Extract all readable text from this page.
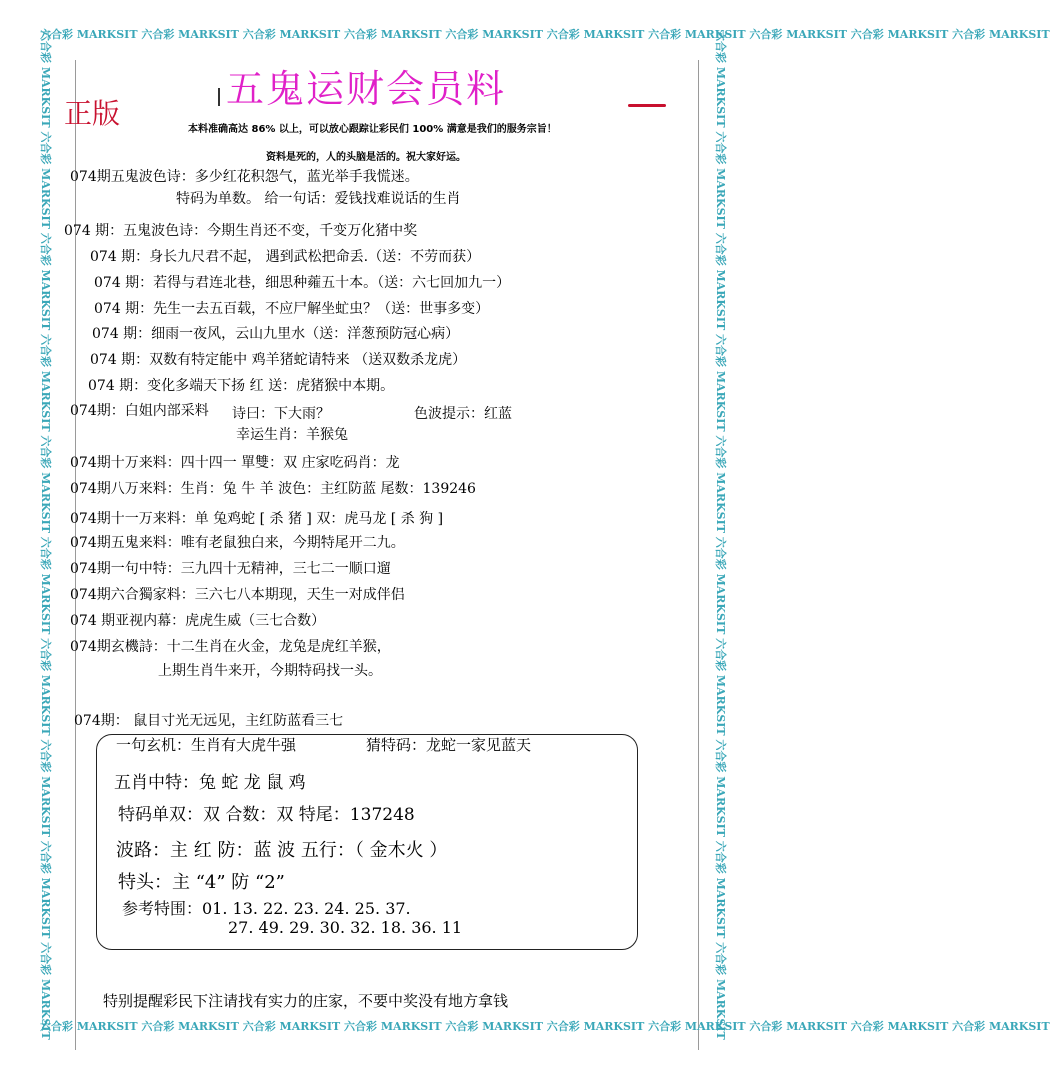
六合彩 MARKSIT 六合彩 MARKSIT 六合彩 MARKSIT 六合彩 MARKSIT 六合彩 MARKSIT 六合彩 MARKSIT 六合彩 MARKSIT 六合彩 MARKSIT 六合彩 MARKSIT 六合彩 MARKSIT
六合彩 MARKSIT 六合彩 MARKSIT 六合彩 MARKSIT 六合彩 MARKSIT 六合彩 MARKSIT 六合彩 MARKSIT 六合彩 MARKSIT 六合彩 MARKSIT 六合彩 MARKSIT 六合彩 MARKSIT
六合彩 MARKSIT 六合彩 MARKSIT 六合彩 MARKSIT 六合彩 MARKSIT 六合彩 MARKSIT 六合彩 MARKSIT 六合彩 MARKSIT 六合彩 MARKSIT 六合彩 MARKSIT 六合彩 MARKSIT	六合彩 MARKSIT 六合彩 MARKSIT 六合彩 MARKSIT 六合彩 MARKSIT 六合彩 MARKSIT 六合彩 MARKSIT 六合彩 MARKSIT 六合彩 MARKSIT 六合彩 MARKSIT 六合彩 MARKSIT
五鬼运财会员料
正版	本料准确高达 86% 以上，可以放心跟踪让彩民们 100% 满意是我们的服务宗旨！
资料是死的，人的头脑是活的。祝大家好运。
074期五鬼波色诗：多少红花积怨气，蓝光举手我慌迷。
特码为单数。 给一句话：爱钱找难说话的生肖
074 期：五鬼波色诗：今期生肖还不变，千变万化猪中奖
074 期：身长九尺君不起， 遇到武松把命丢.（送：不劳而获）
074 期：若得与君连北巷，细思种蕹五十本。（送：六七回加九一）
074 期：先生一去五百载，不应尸解坐虻虫？（送：世事多变）
074 期：细雨一夜风，云山九里水（送：洋葱预防冠心病）
074 期：双数有特定能中 鸡羊猪蛇请特来 （送双数杀龙虎）
074 期：变化多端天下扬 红 送：虎猪猴中本期。
074期：白姐内部采料 诗曰：下大雨？	色波提示：红蓝
幸运生肖：羊猴兔
074期十万来料：四十四一 單雙：双 庄家吃码肖：龙
074期八万来料：生肖：兔 牛 羊 波色：主红防蓝 尾数：139246
074期十一万来料：单 兔鸡蛇 [ 杀 猪 ] 双：虎马龙 [ 杀 狗 ]
074期五鬼来料：唯有老鼠独白来，今期特尾开二九。
074期一句中特：三九四十无精神，三七二一顺口遛
074期六合獨家料：三六七八本期现，天生一对成伴侣
074 期亚视内幕：虎虎生威（三七合数）
074期玄機詩：十二生肖在火金，龙兔是虎红羊猴，
上期生肖牛来开，今期特码找一头。
074期： 鼠目寸光无远见，主红防蓝看三七
一句玄机：生肖有大虎牛强	猜特码：龙蛇一家见蓝天
五肖中特：兔 蛇 龙 鼠 鸡
特码单双：双 合数：双 特尾：137248
波路：主 红 防：蓝 波 五行：（ 金木火 ）
特头：主 “4” 防 “2”
参考特围：01. 13. 22. 23. 24. 25. 37.
27. 49. 29. 30. 32. 18. 36. 11
特别提醒彩民下注请找有实力的庄家，不要中奖没有地方拿钱
